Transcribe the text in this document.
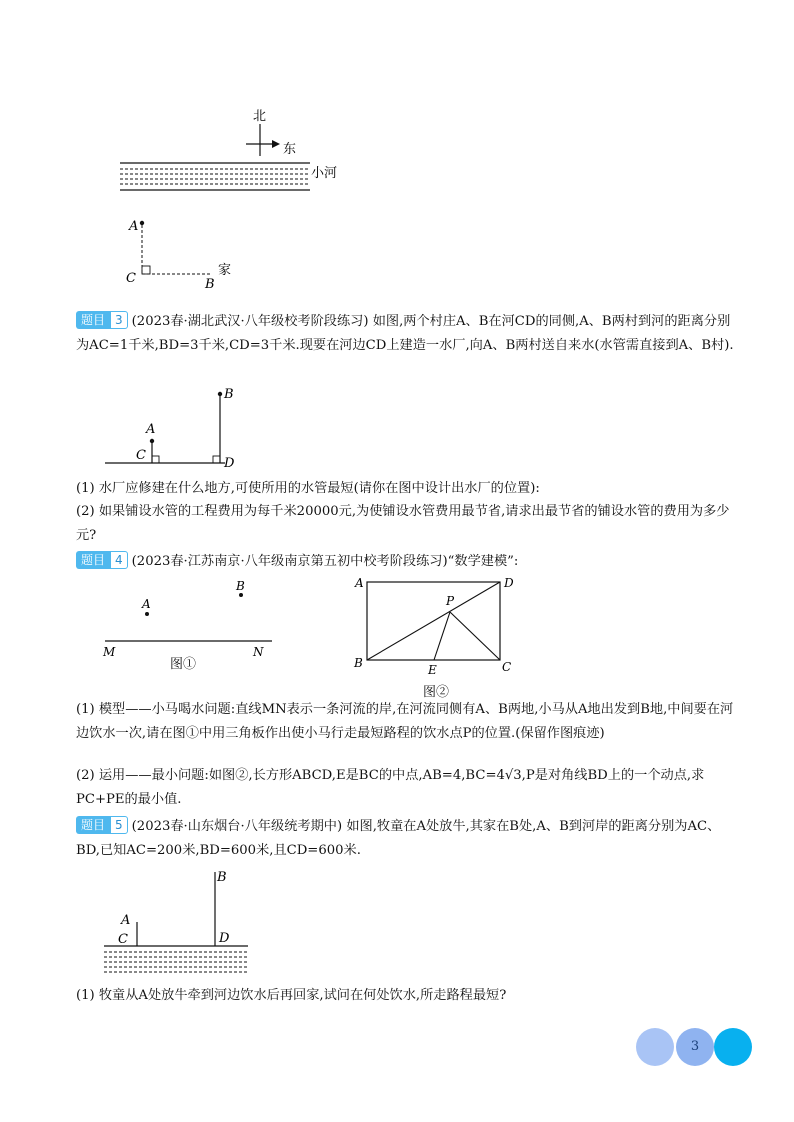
北
东
小河
A
C
家
B

题目 3 (2023春·湖北武汉·八年级校考阶段练习) 如图,两个村庄A、B在河CD的同侧,A、B两村到河的距离分别为AC=1千米,BD=3千米,CD=3千米.现要在河边CD上建造一水厂,向A、B两村送自来水(水管需直接到A、B村).

A
C
B
D

(1) 水厂应修建在什么地方,可使所用的水管最短(请你在图中设计出水厂的位置):

(2) 如果铺设水管的工程费用为每千米20000元,为使铺设水管费用最节省,请求出最节省的铺设水管的费用为多少元?

题目 4 (2023春·江苏南京·八年级南京第五初中校考阶段练习)“数学建模”:

A
B
M	N
图①
A	D
P
B	E	C
图②

(1) 模型——小马喝水问题:直线MN表示一条河流的岸,在河流同侧有A、B两地,小马从A地出发到B地,中间要在河边饮水一次,请在图①中用三角板作出使小马行走最短路程的饮水点P的位置.(保留作图痕迹)

(2) 运用——最小问题:如图②,长方形ABCD,E是BC的中点,AB=4,BC=4√3,P是对角线BD上的一个动点,求PC+PE的最小值.

题目 5 (2023春·山东烟台·八年级统考期中) 如图,牧童在A处放牛,其家在B处,A、B到河岸的距离分别为AC、BD,已知AC=200米,BD=600米,且CD=600米.

B
A
C	D

(1) 牧童从A处放牛牵到河边饮水后再回家,试问在何处饮水,所走路程最短?

3
